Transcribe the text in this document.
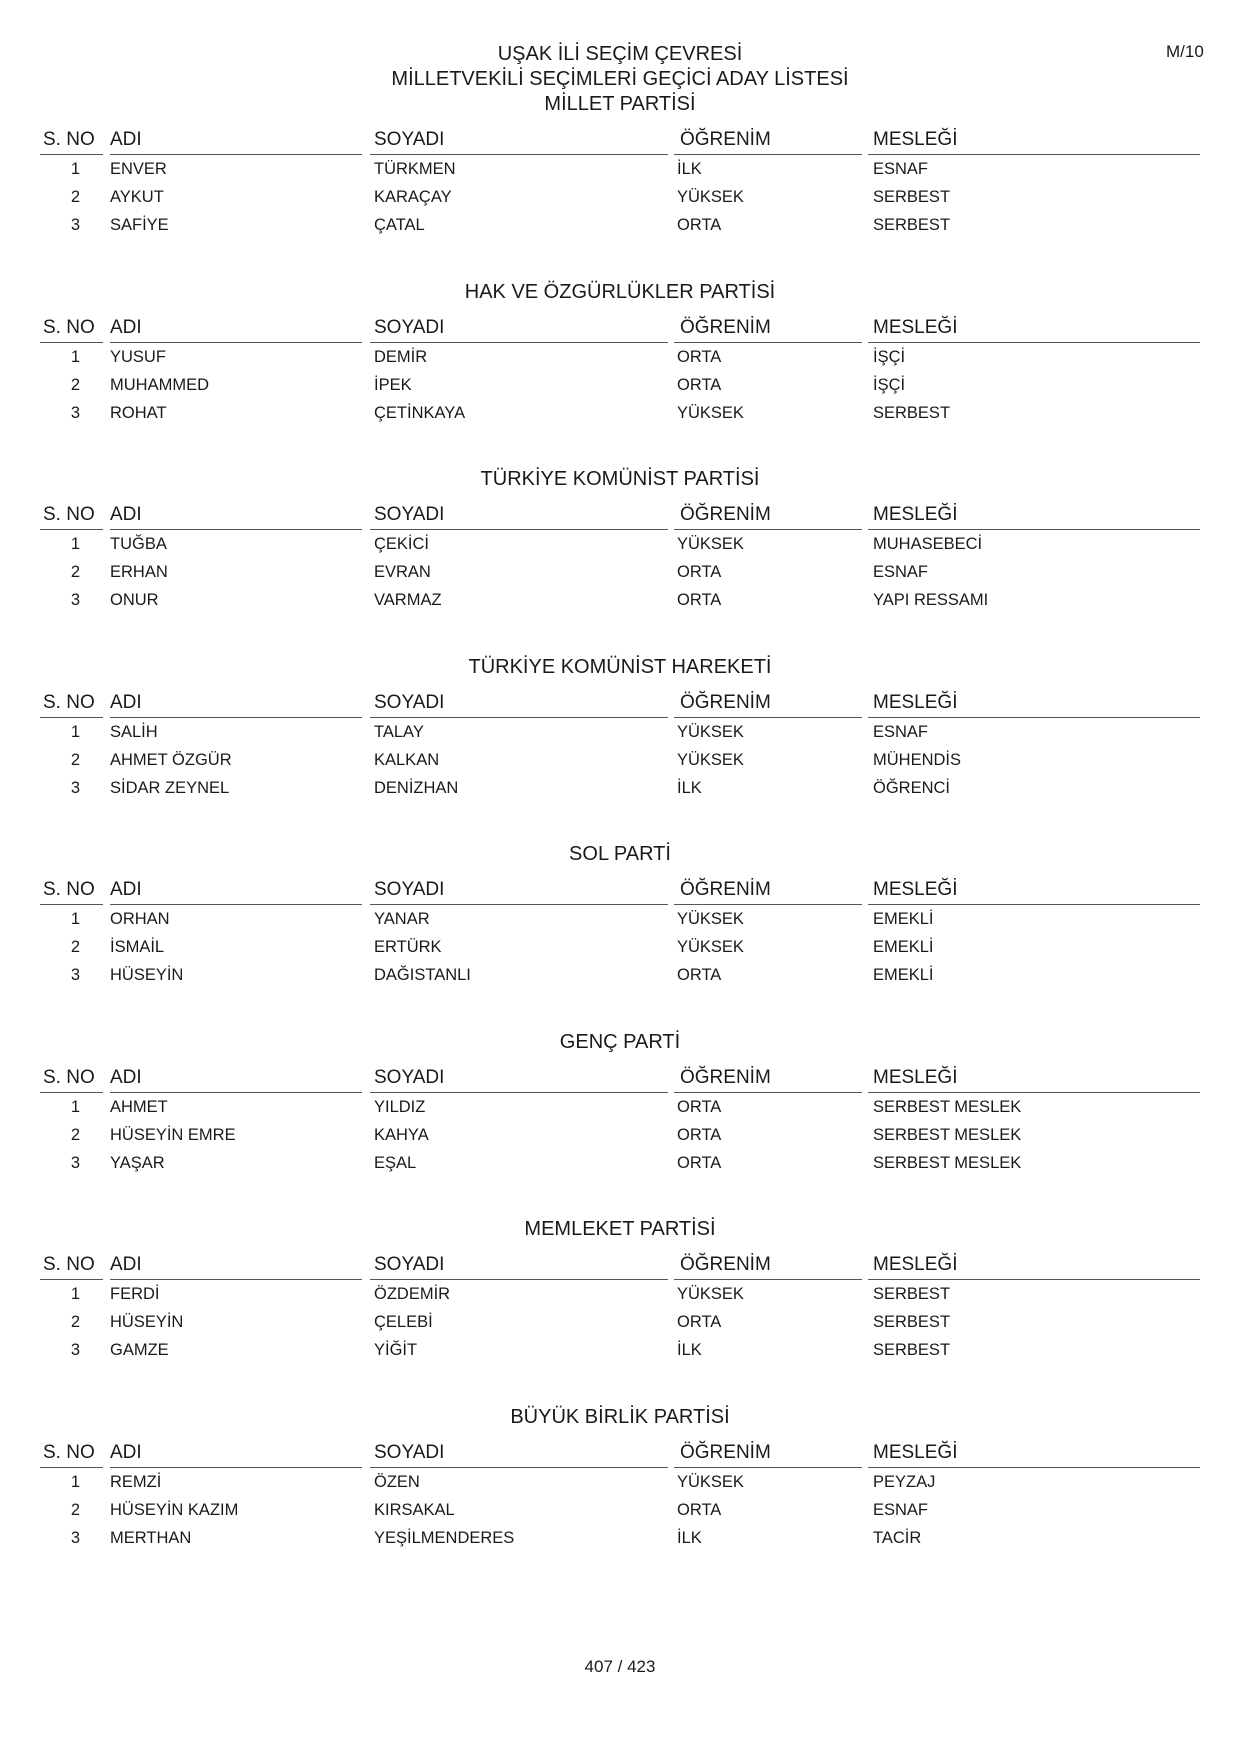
M/10
UŞAK İLİ SEÇİM ÇEVRESİ
MİLLETVEKİLİ SEÇİMLERİ GEÇİCİ ADAY LİSTESİ
MİLLET PARTİSİ
S. NO ADI	SOYADI	ÖĞRENİM	MESLEĞİ
1 ENVER	TÜRKMEN	İLK	ESNAF
2 AYKUT	KARAÇAY	YÜKSEK	SERBEST
3 SAFİYE	ÇATAL	ORTA	SERBEST
HAK VE ÖZGÜRLÜKLER PARTİSİ
S. NO ADI	SOYADI	ÖĞRENİM	MESLEĞİ
1 YUSUF	DEMİR	ORTA	İŞÇİ
2 MUHAMMED	İPEK	ORTA	İŞÇİ
3 ROHAT	ÇETİNKAYA	YÜKSEK	SERBEST
TÜRKİYE KOMÜNİST PARTİSİ
S. NO ADI	SOYADI	ÖĞRENİM	MESLEĞİ
1 TUĞBA	ÇEKİCİ	YÜKSEK	MUHASEBECİ
2 ERHAN	EVRAN	ORTA	ESNAF
3 ONUR	VARMAZ	ORTA	YAPI RESSAMI
TÜRKİYE KOMÜNİST HAREKETİ
S. NO ADI	SOYADI	ÖĞRENİM	MESLEĞİ
1 SALİH	TALAY	YÜKSEK	ESNAF
2 AHMET ÖZGÜR	KALKAN	YÜKSEK	MÜHENDİS
3 SİDAR ZEYNEL	DENİZHAN	İLK	ÖĞRENCİ
SOL PARTİ
S. NO ADI	SOYADI	ÖĞRENİM	MESLEĞİ
1 ORHAN	YANAR	YÜKSEK	EMEKLİ
2 İSMAİL	ERTÜRK	YÜKSEK	EMEKLİ
3 HÜSEYİN	DAĞISTANLI	ORTA	EMEKLİ
GENÇ PARTİ
S. NO ADI	SOYADI	ÖĞRENİM	MESLEĞİ
1 AHMET	YILDIZ	ORTA	SERBEST MESLEK
2 HÜSEYİN EMRE	KAHYA	ORTA	SERBEST MESLEK
3 YAŞAR	EŞAL	ORTA	SERBEST MESLEK
MEMLEKET PARTİSİ
S. NO ADI	SOYADI	ÖĞRENİM	MESLEĞİ
1 FERDİ	ÖZDEMİR	YÜKSEK	SERBEST
2 HÜSEYİN	ÇELEBİ	ORTA	SERBEST
3 GAMZE	YİĞİT	İLK	SERBEST
BÜYÜK BİRLİK PARTİSİ
S. NO ADI	SOYADI	ÖĞRENİM	MESLEĞİ
1 REMZİ	ÖZEN	YÜKSEK	PEYZAJ
2 HÜSEYİN KAZIM	KIRSAKAL	ORTA	ESNAF
3 MERTHAN	YEŞİLMENDERES	İLK	TACİR
407 / 423
